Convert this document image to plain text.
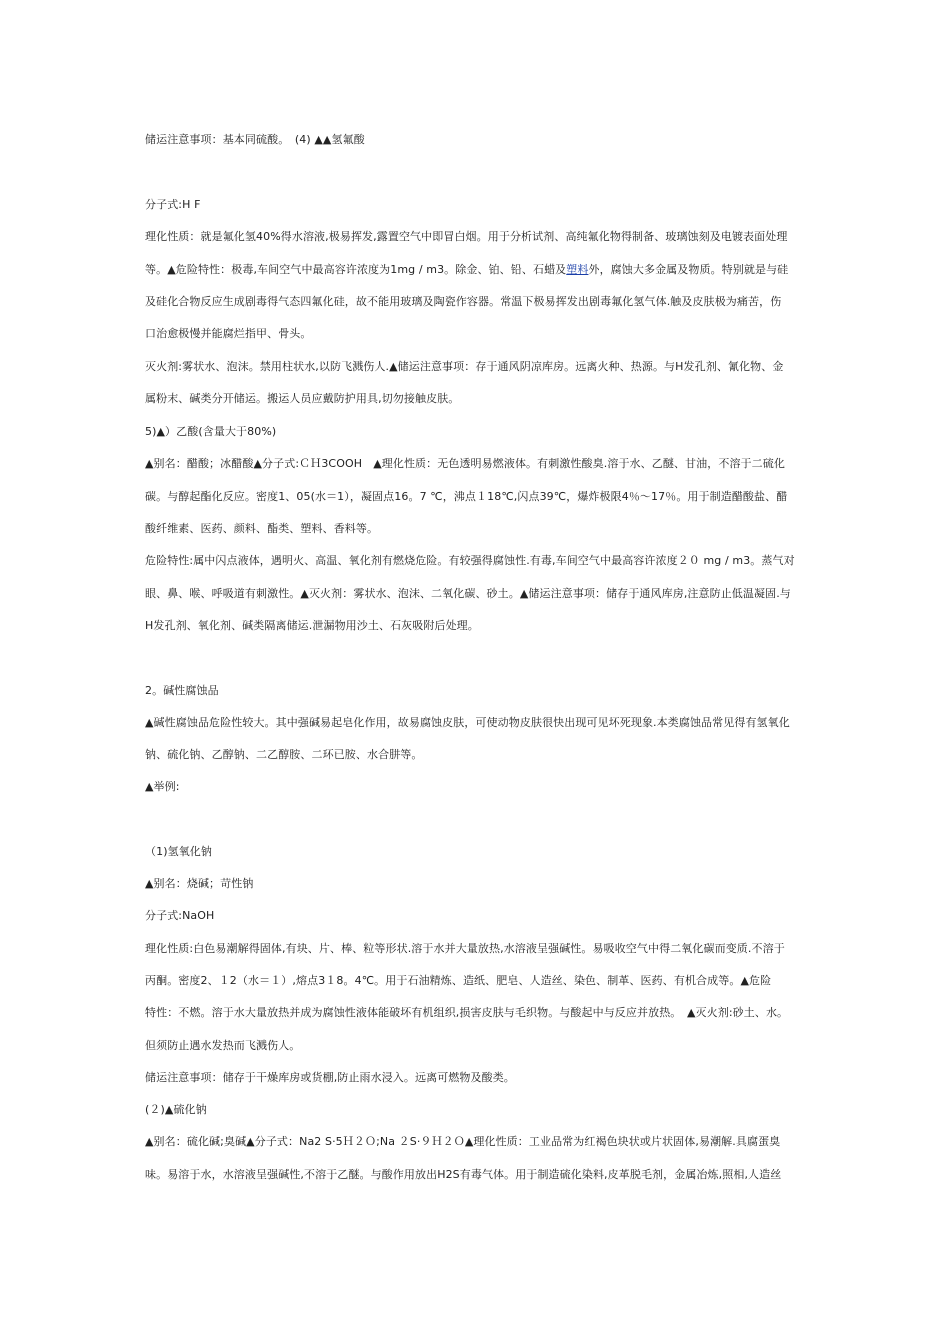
储运注意事项：基本同硫酸。　(4) ▲▲氢氟酸
分子式:H F
理化性质：就是氟化氢40%得水溶液,极易挥发,露置空气中即冒白烟。用于分析试剂、高纯氟化物得制备、玻璃蚀刻及电镀表面处理
等。▲危险特性：极毒,车间空气中最高容许浓度为1mg / m3。除金、铂、铅、石蜡及塑料外，腐蚀大多金属及物质。特别就是与硅
及硅化合物反应生成剧毒得气态四氟化硅，故不能用玻璃及陶瓷作容器。常温下极易挥发出剧毒氟化氢气体.触及皮肤极为痛苦，伤
口治愈极慢并能腐烂指甲、骨头。
灭火剂:雾状水、泡沫。禁用柱状水,以防飞溅伤人.▲储运注意事项：存于通风阴凉库房。远离火种、热源。与H发孔剂、氰化物、金
属粉末、碱类分开储运。搬运人员应戴防护用具,切勿接触皮肤。
5)▲）乙酸(含量大于80%)
▲别名：醋酸；冰醋酸▲分子式:ＣＨ3COOH　▲理化性质：无色透明易燃液体。有刺激性酸臭.溶于水、乙醚、甘油，不溶于二硫化
碳。与醇起酯化反应。密度1、05(水＝1），凝固点16。7 ℃，沸点１18℃,闪点39℃，爆炸极限4％～17％。用于制造醋酸盐、醋
酸纤维素、医药、颜料、酯类、塑料、香料等。
危险特性:属中闪点液体，遇明火、高温、氧化剂有燃烧危险。有较强得腐蚀性.有毒,车间空气中最高容许浓度２０ mg / m3。蒸气对
眼、鼻、喉、呼吸道有刺激性。▲灭火剂：雾状水、泡沫、二氧化碳、砂土。▲储运注意事项：储存于通风库房,注意防止低温凝固.与
H发孔剂、氧化剂、碱类隔离储运.泄漏物用沙土、石灰吸附后处理。
2。碱性腐蚀品
▲碱性腐蚀品危险性较大。其中强碱易起皂化作用，故易腐蚀皮肤，可使动物皮肤很快出现可见坏死现象.本类腐蚀品常见得有氢氧化
钠、硫化钠、乙醇钠、二乙醇胺、二环已胺、水合肼等。
▲举例:
（1)氢氧化钠
▲别名：烧碱；苛性钠
分子式:NaOH
理化性质:白色易潮解得固体,有块、片、棒、粒等形状.溶于水并大量放热,水溶液呈强碱性。易吸收空气中得二氧化碳而变质.不溶于
丙酮。密度2、１2（水＝１）,熔点3１8。4℃。用于石油精炼、造纸、肥皂、人造丝、染色、制革、医药、有机合成等。▲危险
特性：不燃。溶于水大量放热并成为腐蚀性液体能破坏有机组织,损害皮肤与毛织物。与酸起中与反应并放热。　▲灭火剂:砂土、水。
但须防止遇水发热而飞溅伤人。
储运注意事项：储存于干燥库房或货棚,防止雨水浸入。远离可燃物及酸类。
(２)▲硫化钠
▲别名：硫化碱;臭碱▲分子式：Na2 S·5Ｈ２Ｏ;Na ２S·９Ｈ２Ｏ▲理化性质：工业品常为红褐色块状或片状固体,易潮解.具腐蛋臭
味。易溶于水，水溶液呈强碱性,不溶于乙醚。与酸作用放出H2S有毒气体。用于制造硫化染料,皮革脱毛剂，金属冶炼,照相,人造丝
